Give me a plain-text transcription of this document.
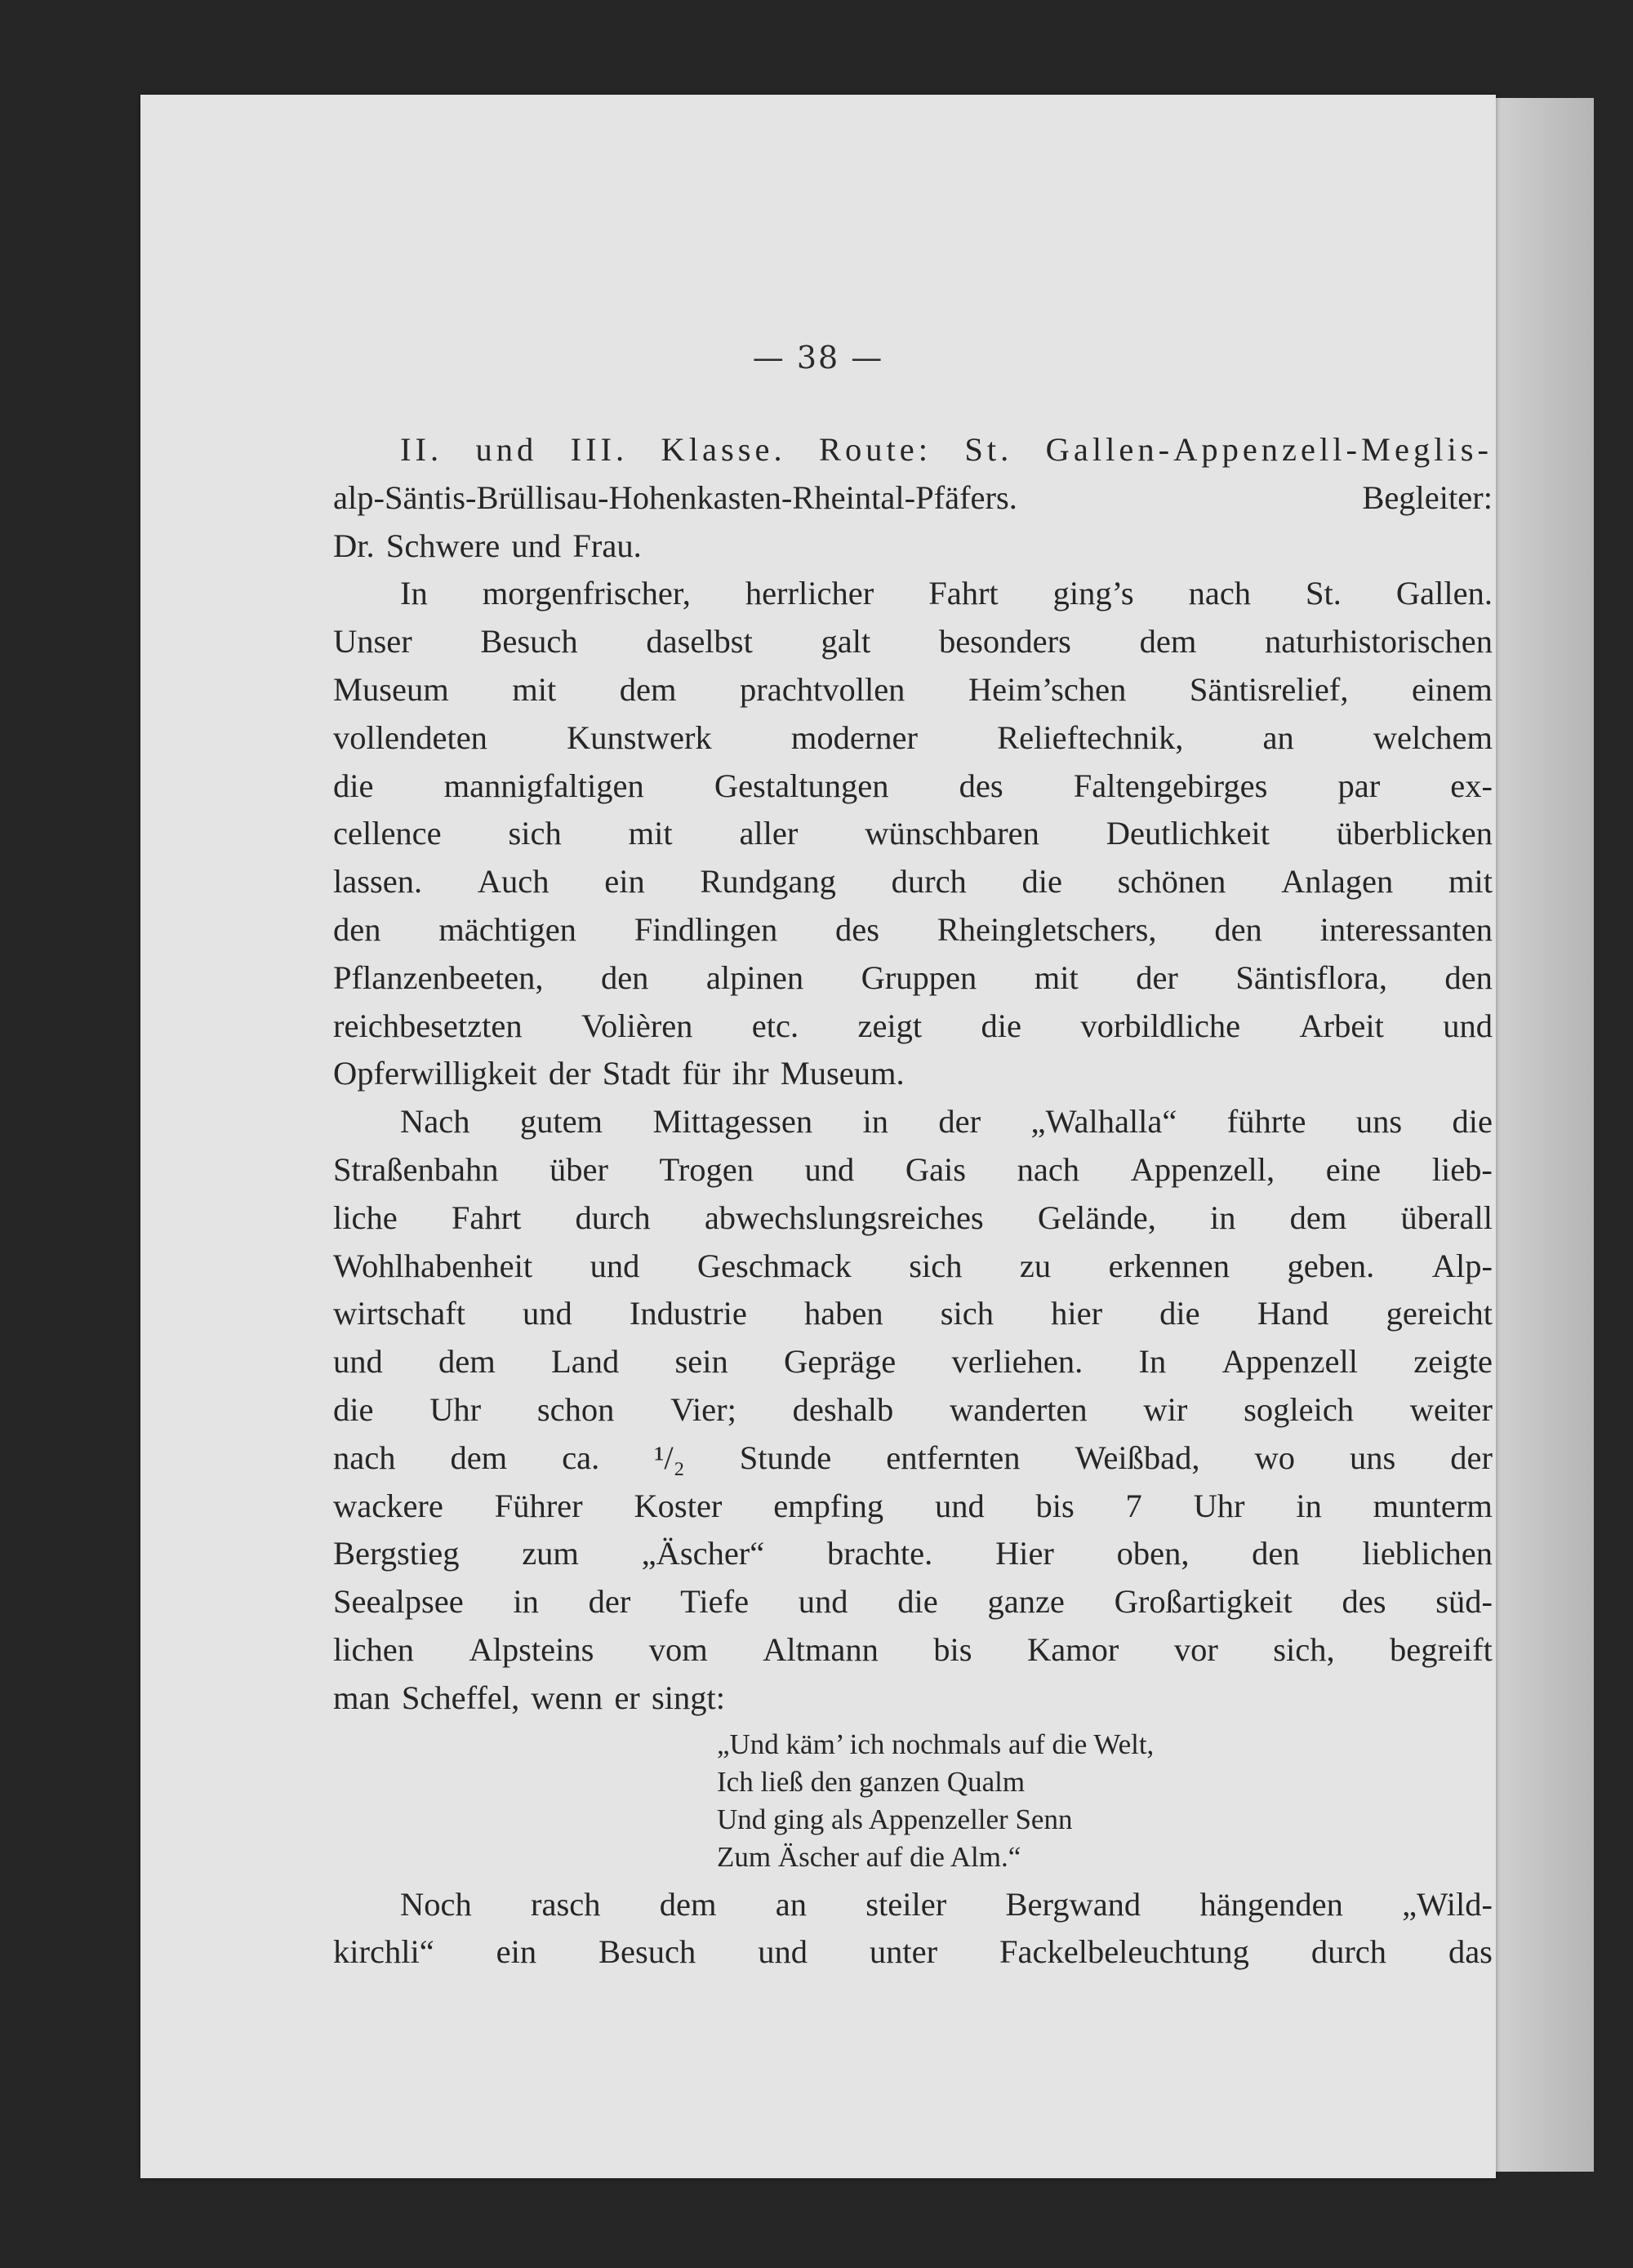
— 38 —
II. und III. Klasse. Route: St. Gallen-Appenzell-Meglis-
alp-Säntis-Brüllisau-Hohenkasten-Rheintal-Pfäfers.	Begleiter:
Dr. Schwere und Frau.
In morgenfrischer, herrlicher Fahrt ging’s nach St. Gallen.
Unser Besuch daselbst galt besonders dem naturhistorischen
Museum mit dem prachtvollen Heim’schen Säntisrelief, einem
vollendeten Kunstwerk moderner Relieftechnik, an welchem
die mannigfaltigen Gestaltungen des Faltengebirges par ex-
cellence sich mit aller wünschbaren Deutlichkeit überblicken
lassen. Auch ein Rundgang durch die schönen Anlagen mit
den mächtigen Findlingen des Rheingletschers, den interessanten
Pflanzenbeeten, den alpinen Gruppen mit der Säntisflora, den
reichbesetzten Volièren etc. zeigt die vorbildliche Arbeit und
Opferwilligkeit der Stadt für ihr Museum.
Nach gutem Mittagessen in der „Walhalla“ führte uns die
Straßenbahn über Trogen und Gais nach Appenzell, eine lieb-
liche Fahrt durch abwechslungsreiches Gelände, in dem überall
Wohlhabenheit und Geschmack sich zu erkennen geben. Alp-
wirtschaft und Industrie haben sich hier die Hand gereicht
und dem Land sein Gepräge verliehen. In Appenzell zeigte
die Uhr schon Vier; deshalb wanderten wir sogleich weiter
nach dem ca. ¹/₂ Stunde entfernten Weißbad, wo uns der
wackere Führer Koster empfing und bis 7 Uhr in munterm
Bergstieg zum „Äscher“ brachte. Hier oben, den lieblichen
Seealpsee in der Tiefe und die ganze Großartigkeit des süd-
lichen Alpsteins vom Altmann bis Kamor vor sich, begreift
man Scheffel, wenn er singt:
„Und käm’ ich nochmals auf die Welt,
Ich ließ den ganzen Qualm
Und ging als Appenzeller Senn
Zum Äscher auf die Alm.“
Noch rasch dem an steiler Bergwand hängenden „Wild-
kirchli“ ein Besuch und unter Fackelbeleuchtung durch das
